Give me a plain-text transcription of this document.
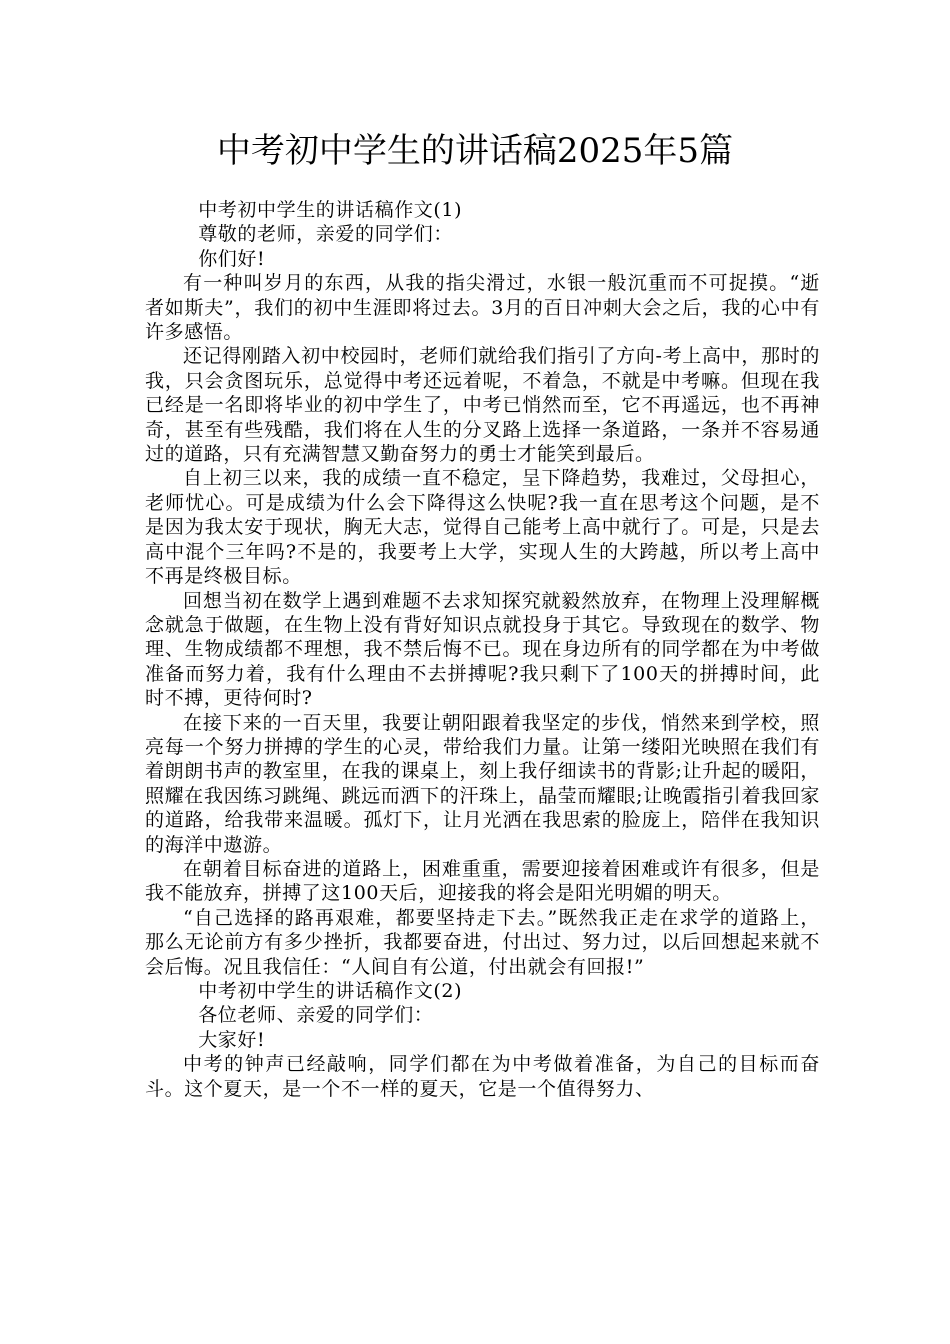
中考初中学生的讲话稿2025年5篇

中考初中学生的讲话稿作文(1)

尊敬的老师，亲爱的同学们：

你们好!

有一种叫岁月的东西，从我的指尖滑过，水银一般沉重而不可捉摸。“逝者如斯夫”，我们的初中生涯即将过去。3月的百日冲刺大会之后，我的心中有许多感悟。

还记得刚踏入初中校园时，老师们就给我们指引了方向-考上高中，那时的我，只会贪图玩乐，总觉得中考还远着呢，不着急，不就是中考嘛。但现在我已经是一名即将毕业的初中学生了，中考已悄然而至，它不再遥远，也不再神奇，甚至有些残酷，我们将在人生的分叉路上选择一条道路，一条并不容易通过的道路，只有充满智慧又勤奋努力的勇士才能笑到最后。

自上初三以来，我的成绩一直不稳定，呈下降趋势，我难过，父母担心，老师忧心。可是成绩为什么会下降得这么快呢?我一直在思考这个问题，是不是因为我太安于现状，胸无大志，觉得自己能考上高中就行了。可是，只是去高中混个三年吗?不是的，我要考上大学，实现人生的大跨越，所以考上高中不再是终极目标。

回想当初在数学上遇到难题不去求知探究就毅然放弃，在物理上没理解概念就急于做题，在生物上没有背好知识点就投身于其它。导致现在的数学、物理、生物成绩都不理想，我不禁后悔不已。现在身边所有的同学都在为中考做准备而努力着，我有什么理由不去拼搏呢?我只剩下了100天的拼搏时间，此时不搏，更待何时?

在接下来的一百天里，我要让朝阳跟着我坚定的步伐，悄然来到学校，照亮每一个努力拼搏的学生的心灵，带给我们力量。让第一缕阳光映照在我们有着朗朗书声的教室里，在我的课桌上，刻上我仔细读书的背影;让升起的暖阳，照耀在我因练习跳绳、跳远而洒下的汗珠上，晶莹而耀眼;让晚霞指引着我回家的道路，给我带来温暖。孤灯下，让月光洒在我思索的脸庞上，陪伴在我知识的海洋中遨游。

在朝着目标奋进的道路上，困难重重，需要迎接着困难或许有很多，但是我不能放弃，拼搏了这100天后，迎接我的将会是阳光明媚的明天。

“自己选择的路再艰难，都要坚持走下去。”既然我正走在求学的道路上，那么无论前方有多少挫折，我都要奋进，付出过、努力过，以后回想起来就不会后悔。况且我信任：“人间自有公道，付出就会有回报!”

中考初中学生的讲话稿作文(2)

各位老师、亲爱的同学们：

大家好!

中考的钟声已经敲响，同学们都在为中考做着准备，为自己的目标而奋斗。这个夏天，是一个不一样的夏天，它是一个值得努力、
